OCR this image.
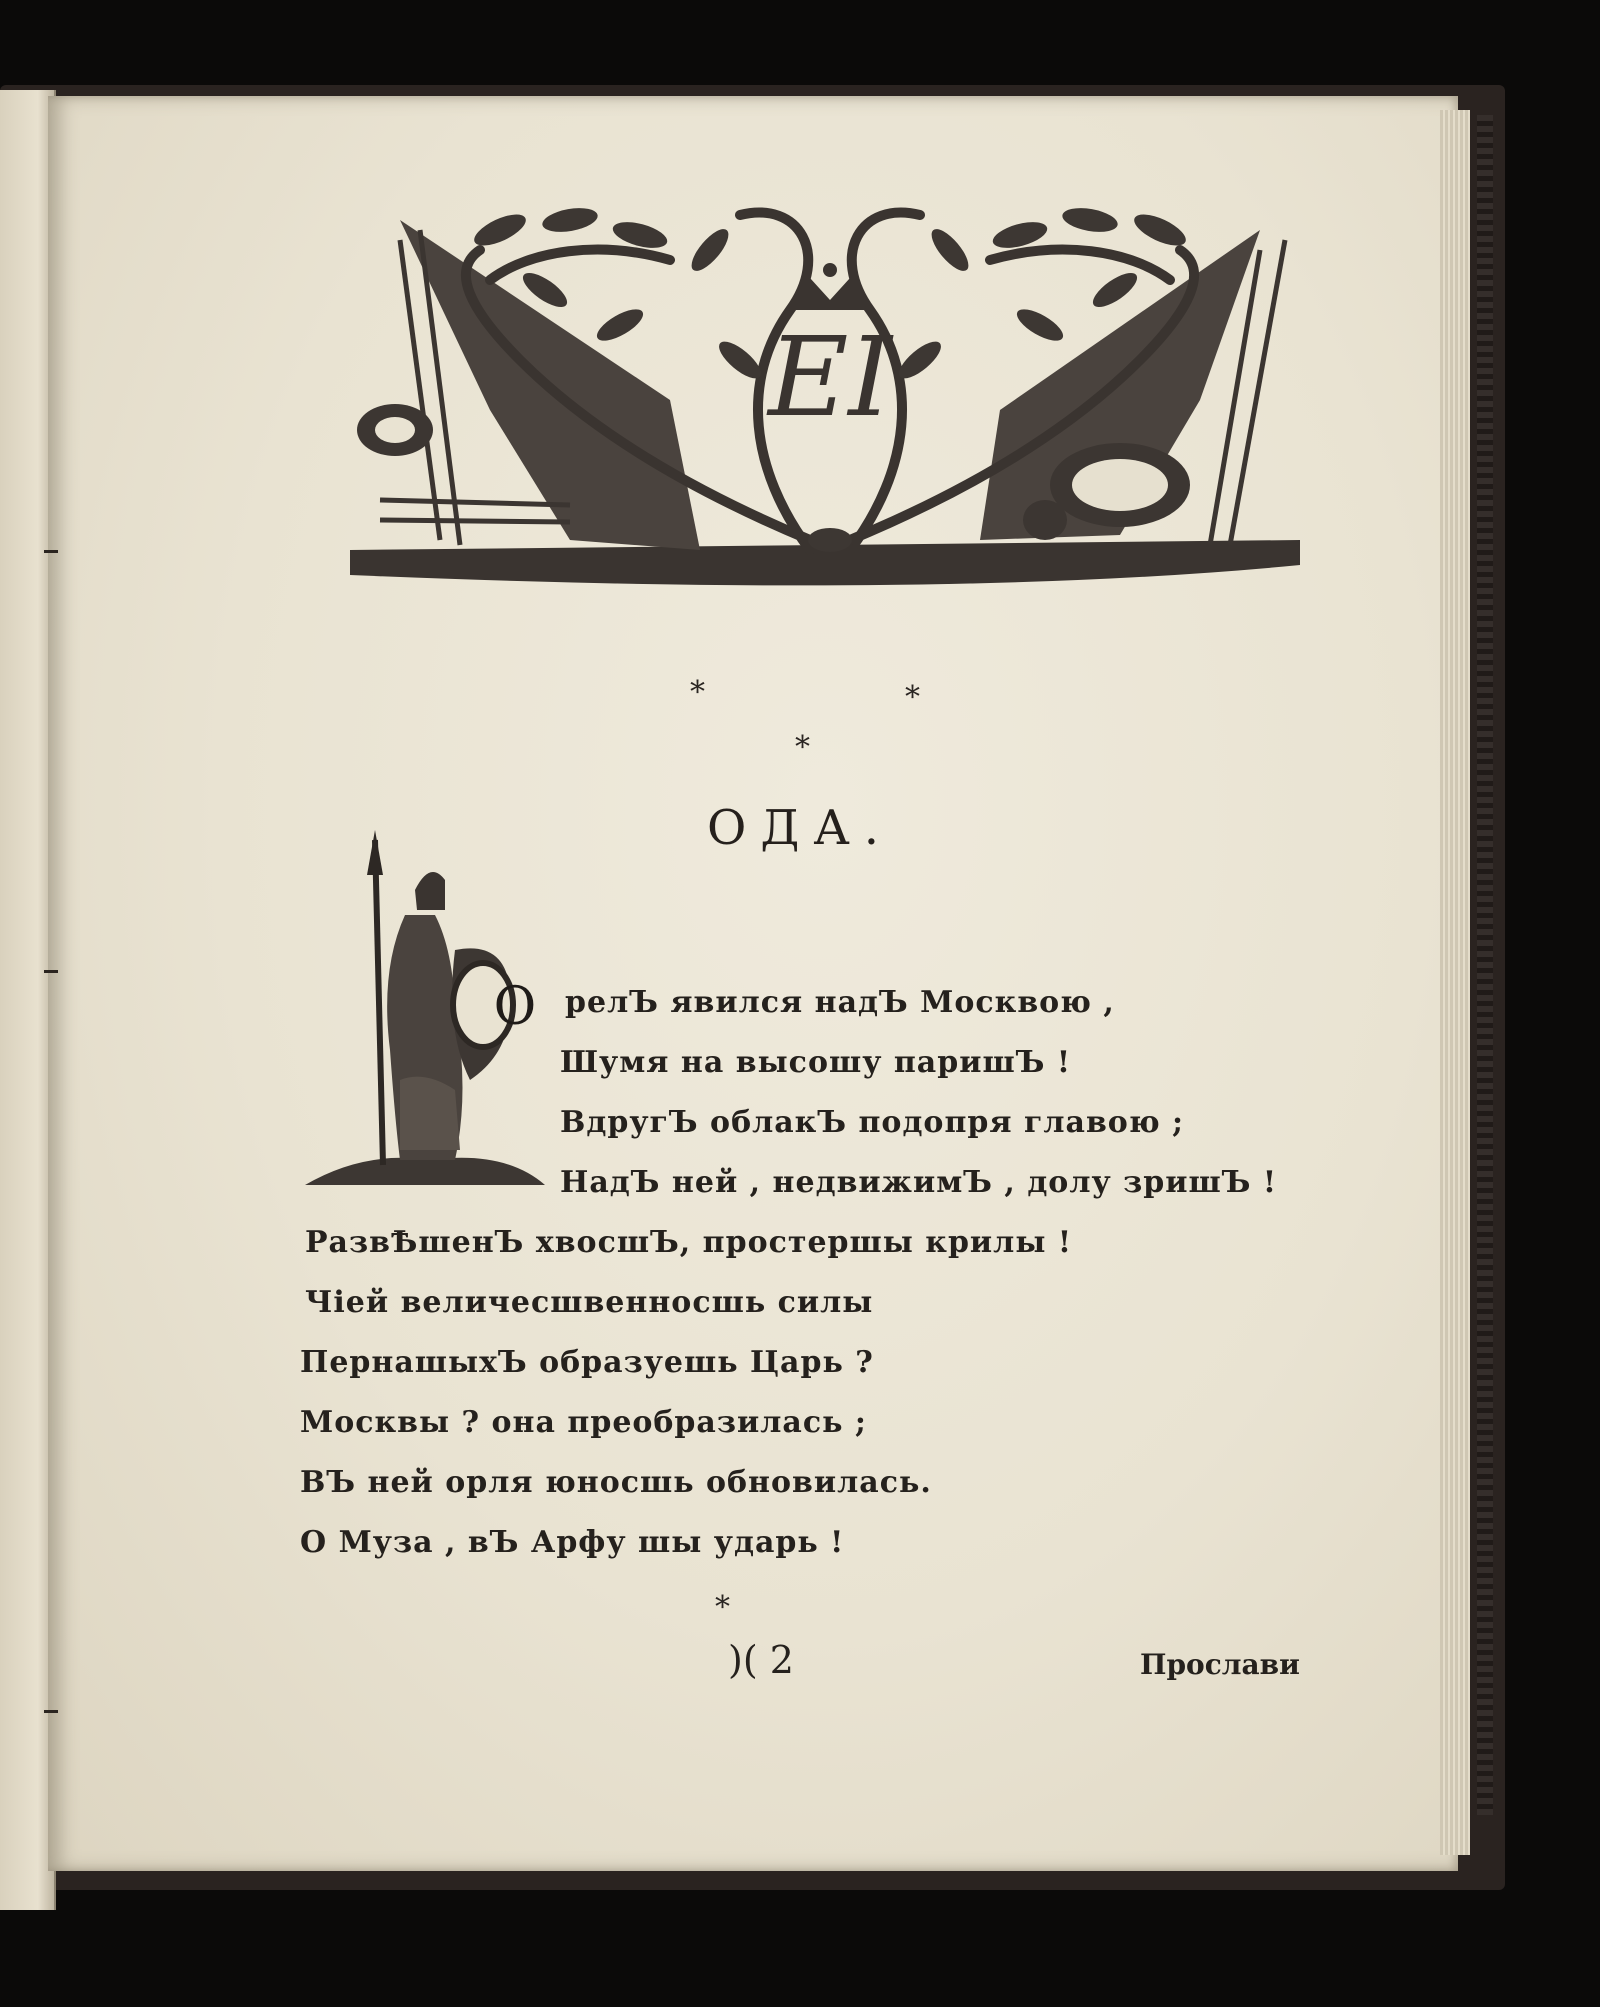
EI
*	*
*
ОДА.
О релЪ явился надЪ Москвою ,
Шумя на высошу паришЪ !
ВдругЪ облакЪ подопря главою ;
НадЪ ней , недвижимЪ , долу зришЪ !
РазвѢшенЪ хвосшЪ, простершы крилы !
Чіей величесшвенносшь силы
ПернашыхЪ образуешь Царь ?
Москвы ? она преобразилась ;
ВЪ ней орля юносшь обновилась.
О Муза , вЪ Арфу шы ударь !
*
)( 2	Прослави
